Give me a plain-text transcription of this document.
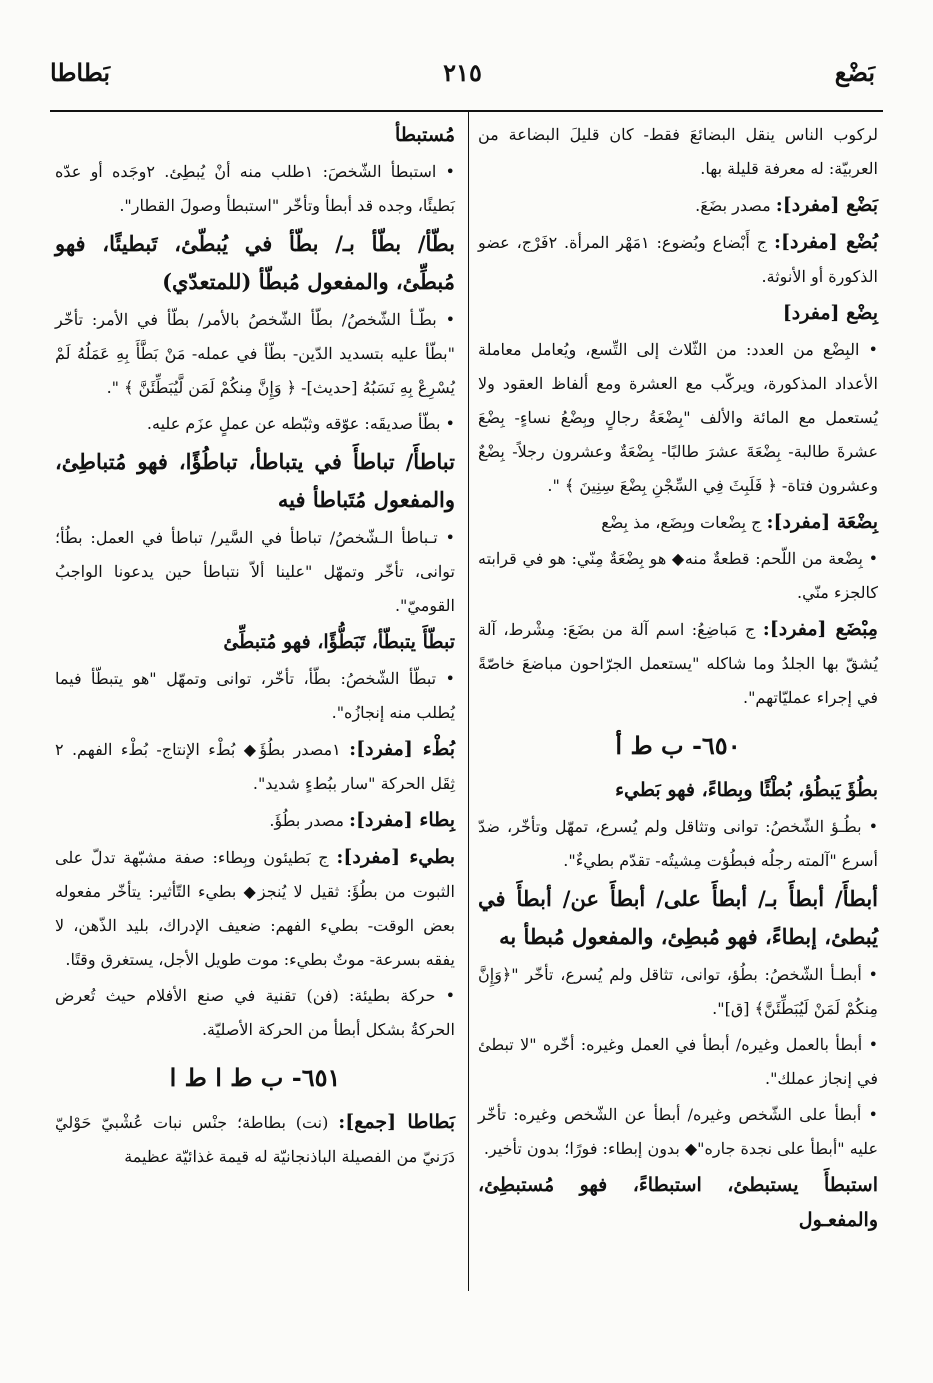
بَضْع
٢١٥
بَطاطا

لركوب الناس ينقل البضائعَ فقط- كان قليلَ البضاعة من العربيّة: له معرفة قليلة بها.

بَضْع [مفرد]: مصدر بضَعَ.

بُضْع [مفرد]: ج أَبْضاع وبُضوع: ١مَهْر المرأة. ٢فَرْج، عضو الذكورة أو الأنوثة.

بِضْع [مفرد]

• البِضْع من العدد: من الثّلاث إلى التِّسع، ويُعامل معاملة الأعداد المذكورة، ويركّب مع العشرة ومع ألفاظ العقود ولا يُستعمل مع المائة والألف "بِضْعَةُ رجالٍ وبِضْعُ نساءٍ- بِضْعَ عشرةَ طالبة- بِضْعَةَ عشرَ طالبًا- بِضْعَةٌ وعشرون رجلاً- بِضْعٌ وعشرون فتاة- ﴿ فَلَبِثَ فِي السِّجْنِ بِضْعَ سِنِينَ ﴾ ".

بِضْعَة [مفرد]: ج بِضْعات وبِضَع، مذ بِضْع

• بِضْعة من اللّحم: قطعةٌ منه◆ هو بِضْعَةٌ مِنّي: هو في قرابته كالجزء منّي.

مِبْضَع [مفرد]: ج مَباضِعُ: اسم آلة من بضَعَ: مِشْرط، آلة يُشقّ بها الجلدُ وما شاكله "يستعمل الجرّاحون مباضعَ خاصّةً في إجراء عمليّاتهم".

٦٥٠- ب ط أ

بطُؤَ يَبطُؤ، بُطْئًا وبِطاءً، فهو بَطيء

• بطُـؤ الشّخصُ: توانى وتثاقل ولم يُسرع، تمهّل وتأخّر، ضدّ أسرع "آلمته رجلُه فبطُؤت مِشيتُه- تقدّم بطيءٌ".

أبطأَ/ أبطأَ بـ/ أبطأَ على/ أبطأَ عن/ أبطأَ في يُبطئ، إبطاءً، فهو مُبطِئ، والمفعول مُبطأ به

• أبطـأ الشّخصُ: بطُؤ، توانى، تثاقل ولم يُسرع، تأخّر "﴿وَإِنَّ مِنكُمْ لَمَنْ لَيُبَطِّئَنَّ﴾ [ق]".

• أبطأ بالعمل وغيره/ أبطأ في العمل وغيره: أخّره "لا تبطئ في إنجاز عملك".

• أبطأ على الشّخص وغيره/ أبطأ عن الشّخص وغيره: تأخّر عليه "أبطأ على نجدة جاره"◆ بدون إبطاء: فورًا؛ بدون تأخير.

استبطأَ يستبطئ، استبطاءً، فهو مُستبطِئ، والمفعـول

مُستبطأ

• استبطأ الشّخصَ: ١طلب منه أنْ يُبطِئ. ٢وجَده أو عدّه بَطيئًا، وجده قد أبطأ وتأخّر "استبطأ وصولَ القطار".

بطّأ/ بطّأ بـ/ بطّأ في يُبطّئ، تَبطيئًا، فهو مُبطِّئ، والمفعول مُبطّأ (للمتعدّي)

• بطّـأ الشّخصُ/ بطّأ الشّخصُ بالأمر/ بطّأ في الأمر: تأخّر "بطّأ عليه بتسديد الدّين- بطّأ في عمله- مَنْ بَطَّأَ بِهِ عَمَلُهُ لَمْ يُسْرِعْ بِهِ نَسَبُهُ [حديث]- ﴿ وَإِنَّ مِنكُمْ لَمَن لَّيُبَطِّئَنَّ ﴾ ".

• بطّأ صديقَه: عوّقه وثبّطه عن عملٍ عزَم عليه.

تباطأَ/ تباطأَ في يتباطأ، تباطُؤًا، فهو مُتباطِئ، والمفعول مُتَباطأ فيه

• تـباطأ الـشّخصُ/ تباطأ في السَّير/ تباطأ في العمل: بطُأ؛ توانى، تأخّر وتمهّل "علينا ألاّ نتباطأ حين يدعونا الواجبُ القوميّ".

تبطّأَ يتبطّأ، تَبَطُّؤًا، فهو مُتبطِّئ

• تبطّأ الشّخصُ: بطّأ، تأخّر، توانى وتمهّل "هو يتبطّأ فيما يُطلب منه إنجازُه".

بُطْء [مفرد]: ١مصدر بطُؤَ◆ بُطْء الإنتاج- بُطْء الفهم. ٢ ثِقَل الحركة "سار ببُطءٍ شديد".

بِطاء [مفرد]: مصدر بطُؤَ.

بطيء [مفرد]: ج بَطيئون وبِطاء: صفة مشبّهة تدلّ على الثبوت من بطُؤَ: ثقيل لا يُنجز◆ بطيء التّأثير: يتأخّر مفعوله بعض الوقت- بطيء الفهم: ضعيف الإدراك، بليد الذّهن، لا يفقه بسرعة- موتٌ بطيء: موت طويل الأجل، يستغرق وقتًا.

• حركة بطيئة: (فن) تقنية في صنع الأفلام حيث تُعرض الحركةُ بشكل أبطأ من الحركة الأصليّة.

٦٥١- ب ط ا ط ا

بَطاطا [جمع]: (نت) بطاطة؛ جنْس نبات عُشْبيّ حَوْليّ دَرَنيّ من الفصيلة الباذنجانيّة له قيمة غذائيّة عظيمة
